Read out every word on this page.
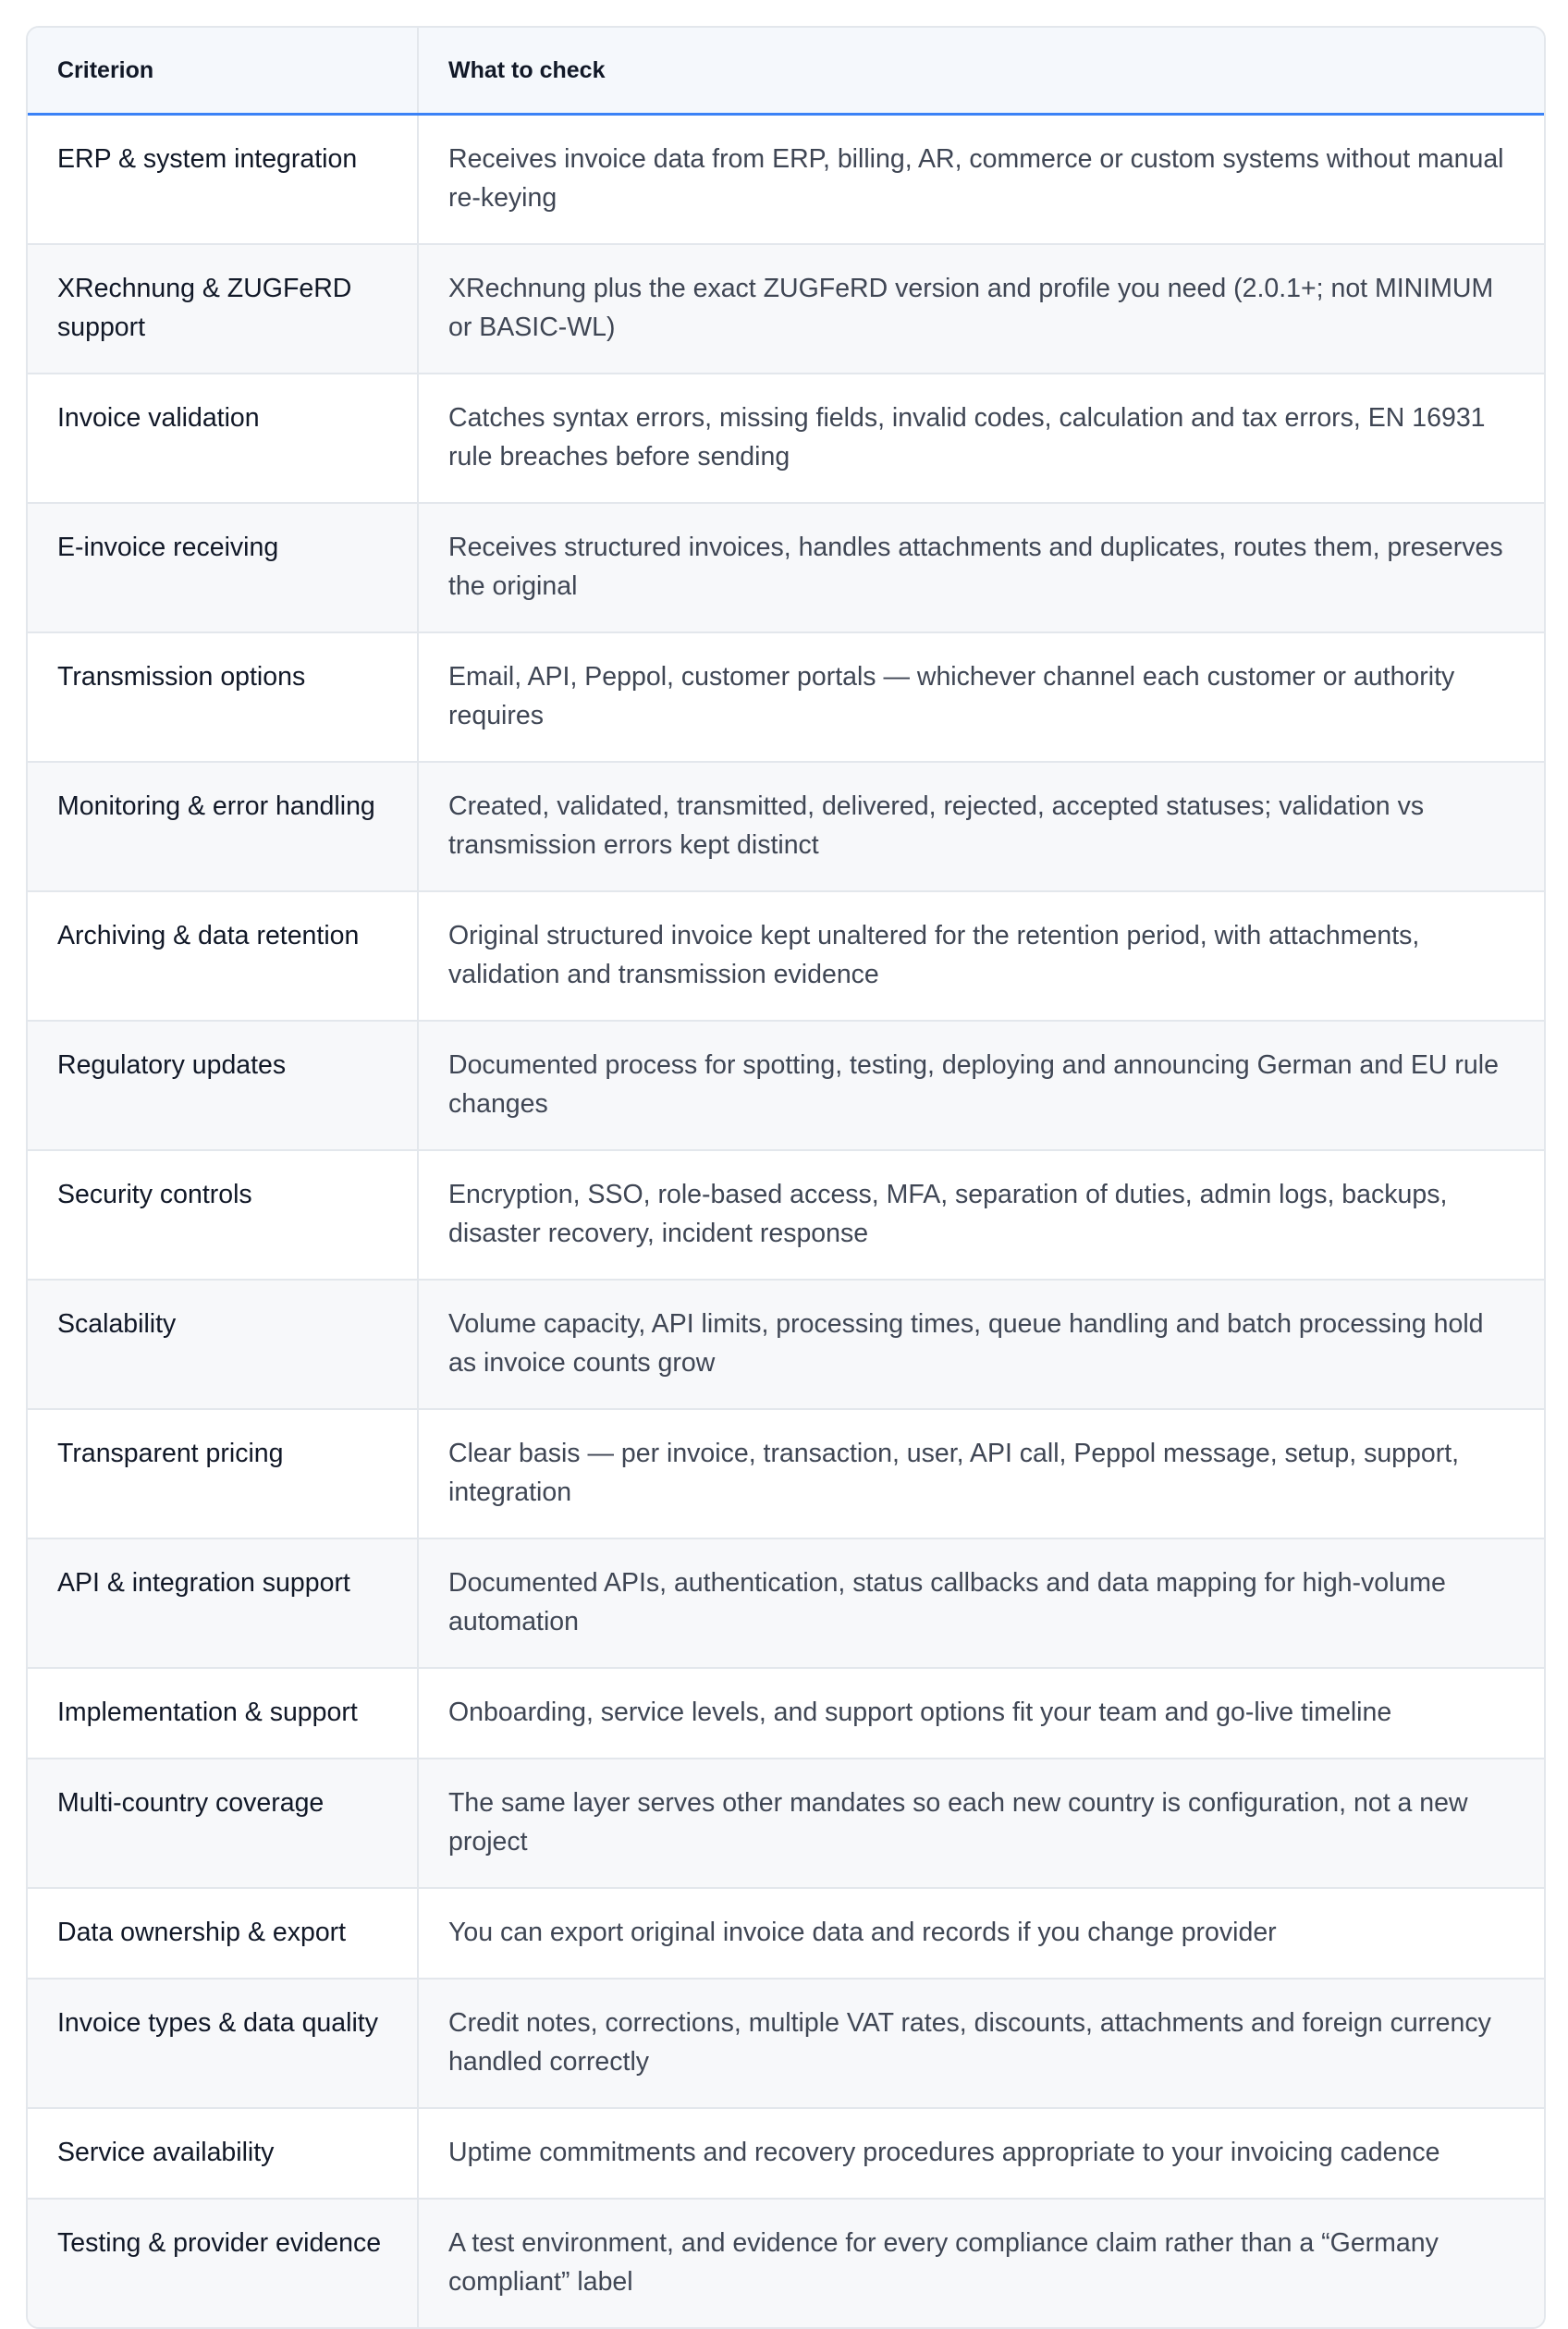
Criterion	What to check
ERP & system integration	Receives invoice data from ERP, billing, AR, commerce or custom systems without manual re-keying
XRechnung & ZUGFeRD support	XRechnung plus the exact ZUGFeRD version and profile you need (2.0.1+; not MINIMUM or BASIC-WL)
Invoice validation	Catches syntax errors, missing fields, invalid codes, calculation and tax errors, EN 16931 rule breaches before sending
E-invoice receiving	Receives structured invoices, handles attachments and duplicates, routes them, preserves the original
Transmission options	Email, API, Peppol, customer portals — whichever channel each customer or authority requires
Monitoring & error handling	Created, validated, transmitted, delivered, rejected, accepted statuses; validation vs transmission errors kept distinct
Archiving & data retention	Original structured invoice kept unaltered for the retention period, with attachments, validation and transmission evidence
Regulatory updates	Documented process for spotting, testing, deploying and announcing German and EU rule changes
Security controls	Encryption, SSO, role-based access, MFA, separation of duties, admin logs, backups, disaster recovery, incident response
Scalability	Volume capacity, API limits, processing times, queue handling and batch processing hold as invoice counts grow
Transparent pricing	Clear basis — per invoice, transaction, user, API call, Peppol message, setup, support, integration
API & integration support	Documented APIs, authentication, status callbacks and data mapping for high-volume automation
Implementation & support	Onboarding, service levels, and support options fit your team and go-live timeline
Multi-country coverage	The same layer serves other mandates so each new country is configuration, not a new project
Data ownership & export	You can export original invoice data and records if you change provider
Invoice types & data quality	Credit notes, corrections, multiple VAT rates, discounts, attachments and foreign currency handled correctly
Service availability	Uptime commitments and recovery procedures appropriate to your invoicing cadence
Testing & provider evidence	A test environment, and evidence for every compliance claim rather than a “Germany compliant” label
